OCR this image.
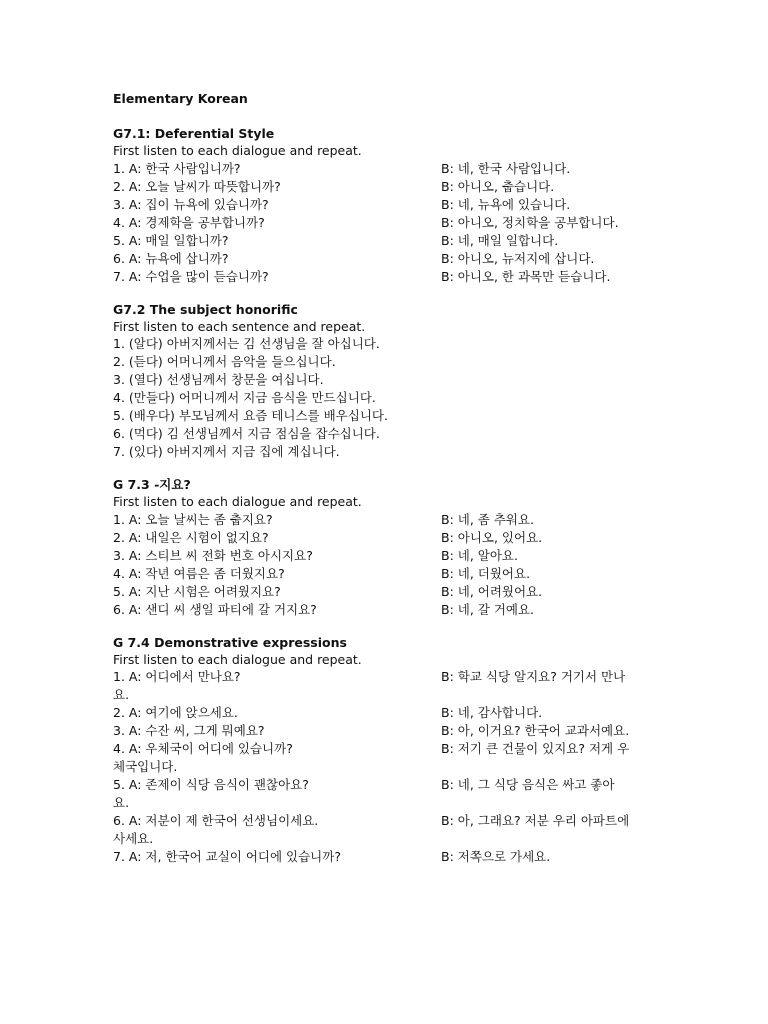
Elementary Korean
G7.1: Deferential Style
First listen to each dialogue and repeat.
1. A: 한국 사람입니까?	B: 네, 한국 사람입니다.
2. A: 오늘 날씨가 따뜻합니까?	B: 아니오, 춥습니다.
3. A: 집이 뉴욕에 있습니까?	B: 네, 뉴욕에 있습니다.
4. A: 경제학을 공부합니까?	B: 아니오, 정치학을 공부합니다.
5. A: 매일 일합니까?	B: 네, 매일 일합니다.
6. A: 뉴욕에 삽니까?	B: 아니오, 뉴저지에 삽니다.
7. A: 수업을 많이 듣습니까?	B: 아니오, 한 과목만 듣습니다.
G7.2 The subject honorific
First listen to each sentence and repeat.
1. (알다) 아버지께서는 김 선생님을 잘 아십니다.
2. (듣다) 어머니께서 음악을 들으십니다.
3. (열다) 선생님께서 창문을 여십니다.
4. (만들다) 어머니께서 지금 음식을 만드십니다.
5. (배우다) 부모님께서 요즘 테니스를 배우십니다.
6. (먹다) 김 선생님께서 지금 점심을 잡수십니다.
7. (있다) 아버지께서 지금 집에 계십니다.
G 7.3 -지요?
First listen to each dialogue and repeat.
1. A: 오늘 날씨는 좀 춥지요?	B: 네, 좀 추워요.
2. A: 내일은 시험이 없지요?	B: 아니오, 있어요.
3. A: 스티브 씨 전화 번호 아시지요?	B: 네, 알아요.
4. A: 작년 여름은 좀 더웠지요?	B: 네, 더웠어요.
5. A: 지난 시험은 어려웠지요?	B: 네, 어려웠어요.
6. A: 샌디 씨 생일 파티에 갈 거지요?	B: 네, 갈 거예요.
G 7.4 Demonstrative expressions
First listen to each dialogue and repeat.
1. A: 어디에서 만나요?	B: 학교 식당 알지요? 거기서 만나
요.
2. A: 여기에 앉으세요.	B: 네, 감사합니다.
3. A: 수잔 씨, 그게 뭐예요?	B: 아, 이거요? 한국어 교과서예요.
4. A: 우체국이 어디에 있습니까?	B: 저기 큰 건물이 있지요? 저게 우
체국입니다.
5. A: 존제이 식당 음식이 괜찮아요?	B: 네, 그 식당 음식은 싸고 좋아
요.
6. A: 저분이 제 한국어 선생님이세요.	B: 아, 그래요? 저분 우리 아파트에
사세요.
7. A: 저, 한국어 교실이 어디에 있습니까?	B: 저쪽으로 가세요.
